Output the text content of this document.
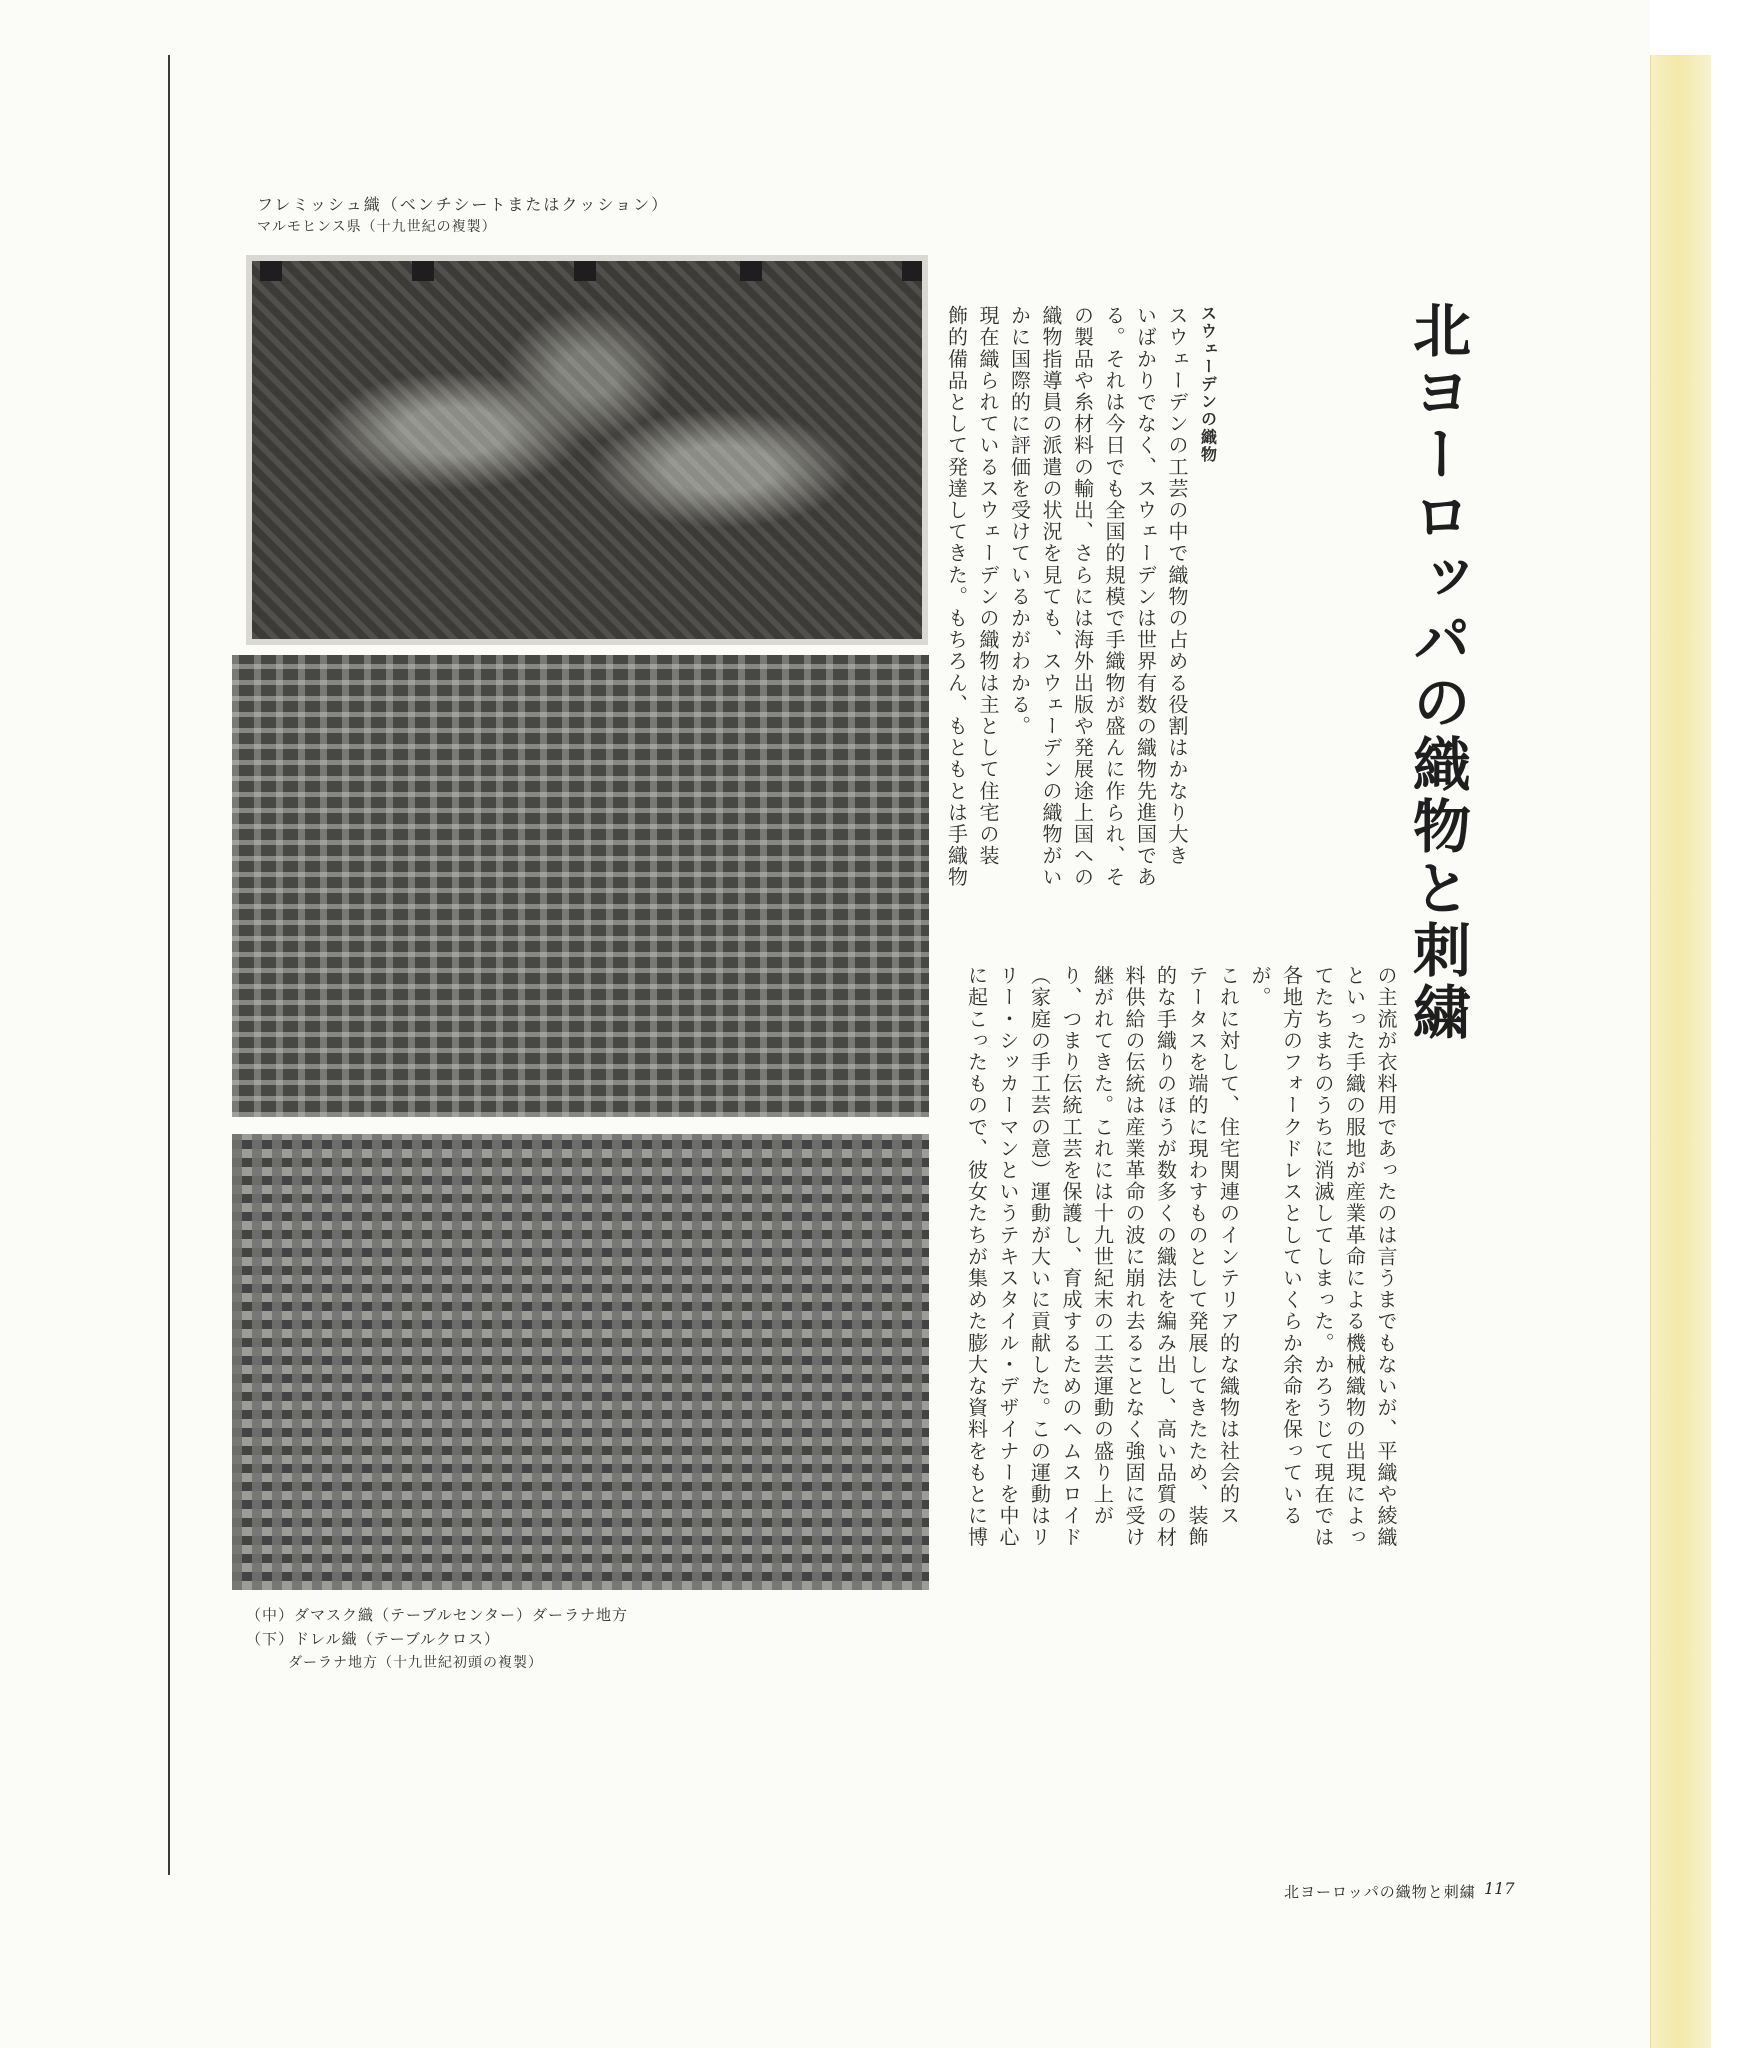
フレミッシュ織（ベンチシートまたはクッション）
マルモヒンス県（十九世紀の複製）
（中）ダマスク織（テーブルセンター）ダーラナ地方
（下）ドレル織（テーブルクロス）
ダーラナ地方（十九世紀初頭の複製）
北ヨーロッパの織物と刺繍

スウェーデンの織物

スウェーデンの工芸の中で織物の占める役割はかなり大き

いばかりでなく、スウェーデンは世界有数の織物先進国であ

る。それは今日でも全国的規模で手織物が盛んに作られ、そ

の製品や糸材料の輸出、さらには海外出版や発展途上国への

織物指導員の派遣の状況を見ても、スウェーデンの織物がい

かに国際的に評価を受けているかがわかる。

現在織られているスウェーデンの織物は主として住宅の装

飾的備品として発達してきた。もちろん、もともとは手織物

の主流が衣料用であったのは言うまでもないが、平織や綾織

といった手織の服地が産業革命による機械織物の出現によっ

てたちまちのうちに消滅してしまった。かろうじて現在では

各地方のフォークドレスとしていくらか余命を保っている

が。

これに対して、住宅関連のインテリア的な織物は社会的ス

テータスを端的に現わすものとして発展してきたため、装飾

的な手織りのほうが数多くの織法を編み出し、高い品質の材

料供給の伝統は産業革命の波に崩れ去ることなく強固に受け

継がれてきた。これには十九世紀末の工芸運動の盛り上が

り、つまり伝統工芸を保護し、育成するためのヘムスロイド

（家庭の手工芸の意）運動が大いに貢献した。この運動はリ

リー・シッカーマンというテキスタイル・デザイナーを中心

に起こったもので、彼女たちが集めた膨大な資料をもとに博

北ヨーロッパの織物と刺繍 117
